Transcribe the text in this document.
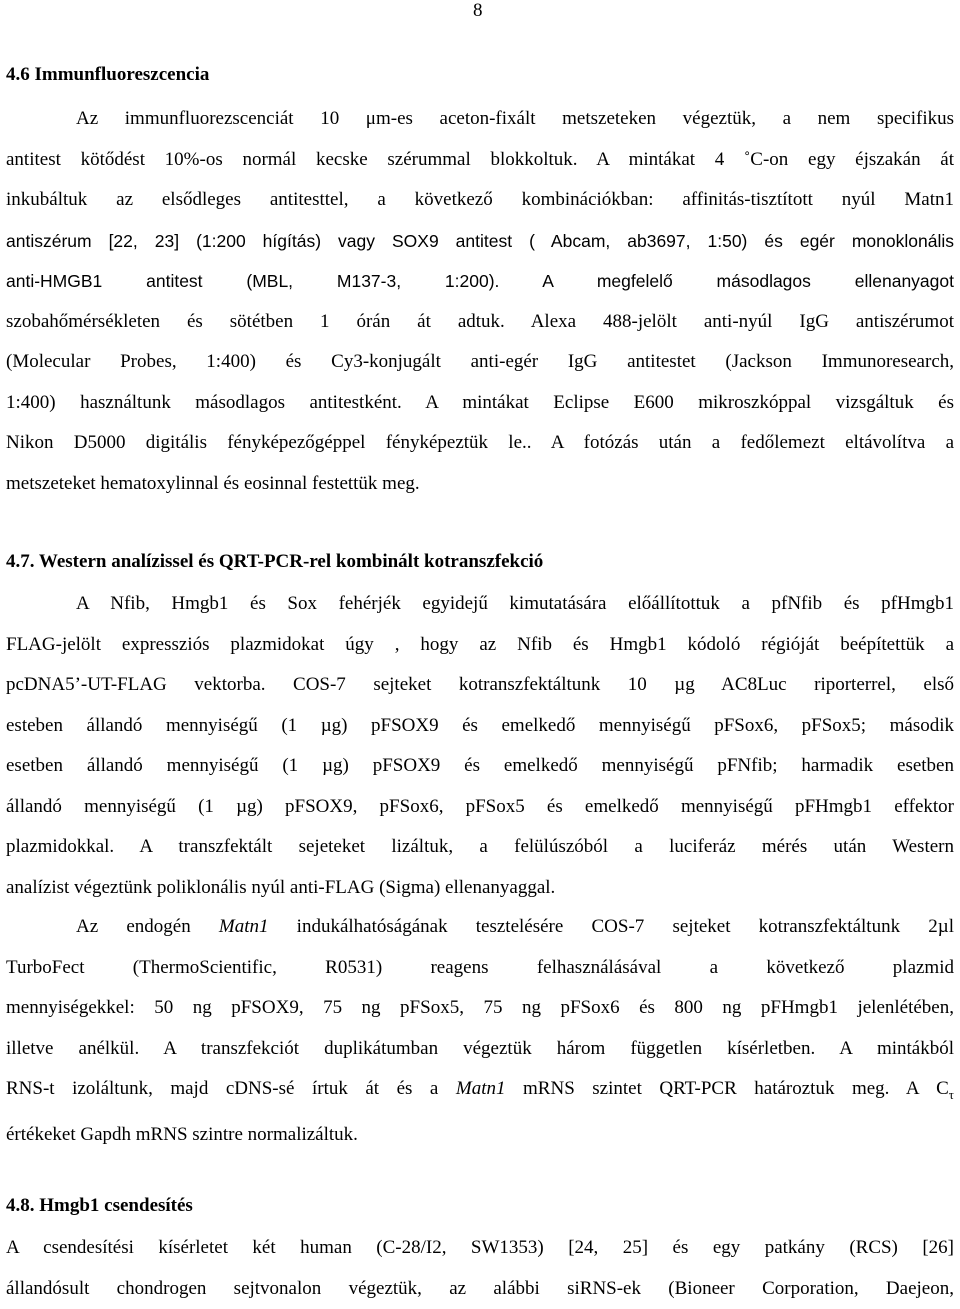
8
4.6 Immunfluoreszcencia
Az immunfluorezscenciát 10 μm-es aceton-fixált metszeteken végeztük, a nem specifikus
antitest kötődést 10%-os normál kecske szérummal blokkoltuk. A mintákat 4 ˚C-on egy éjszakán át
inkubáltuk az elsődleges antitesttel, a következő kombinációkban: affinitás-tisztított nyúl Matn1
antiszérum [22, 23] (1:200 hígítás) vagy SOX9 antitest ( Abcam, ab3697, 1:50) és egér monoklonális
anti-HMGB1 antitest (MBL, M137-3, 1:200). A megfelelő másodlagos ellenanyagot
szobahőmérsékleten és sötétben 1 órán át adtuk. Alexa 488-jelölt anti-nyúl IgG antiszérumot
(Molecular Probes, 1:400) és Cy3-konjugált anti-egér IgG antitestet (Jackson Immunoresearch,
1:400) használtunk másodlagos antitestként. A mintákat Eclipse E600 mikroszkóppal vizsgáltuk és
Nikon D5000 digitális fényképezőgéppel fényképeztük le.. A fotózás után a fedőlemezt eltávolítva a
metszeteket hematoxylinnal és eosinnal festettük meg.
4.7. Western analízissel és QRT-PCR-rel kombinált kotranszfekció
A Nfib, Hmgb1 és Sox fehérjék egyidejű kimutatására előállítottuk a pfNfib és pfHmgb1
FLAG-jelölt expressziós plazmidokat úgy , hogy az Nfib és Hmgb1 kódoló régióját beépítettük a
pcDNA5’-UT-FLAG vektorba. COS-7 sejteket kotranszfektáltunk 10 µg AC8Luc riporterrel, első
esteben állandó mennyiségű (1 µg) pFSOX9 és emelkedő mennyiségű pFSox6, pFSox5; második
esetben állandó mennyiségű (1 µg) pFSOX9 és emelkedő mennyiségű pFNfib; harmadik esetben
állandó mennyiségű (1 µg) pFSOX9, pFSox6, pFSox5 és emelkedő mennyiségű pFHmgb1 effektor
plazmidokkal. A transzfektált sejeteket lizáltuk, a felülúszóból a luciferáz mérés után Western
analízist végeztünk poliklonális nyúl anti-FLAG (Sigma) ellenanyaggal.
Az endogén Matn1 indukálhatóságának tesztelésére COS-7 sejteket kotranszfektáltunk 2µl
TurboFect (ThermoScientific, R0531) reagens felhasználásával a következő plazmid
mennyiségekkel: 50 ng pFSOX9, 75 ng pFSox5, 75 ng pFSox6 és 800 ng pFHmgb1 jelenlétében,
illetve anélkül. A transzfekciót duplikátumban végeztük három független kísérletben. A mintákból
RNS-t izoláltunk, majd cDNS-sé írtuk át és a Matn1 mRNS szintet QRT-PCR határoztuk meg. A $C_\tau$
értékeket Gapdh mRNS szintre normalizáltuk.
4.8. Hmgb1 csendesítés
A csendesítési kísérletet két human (C-28/I2, SW1353) [24, 25] és egy patkány (RCS) [26]
állandósult chondrogen sejtvonalon végeztük, az alábbi siRNS-ek (Bioneer Corporation, Daejeon,
